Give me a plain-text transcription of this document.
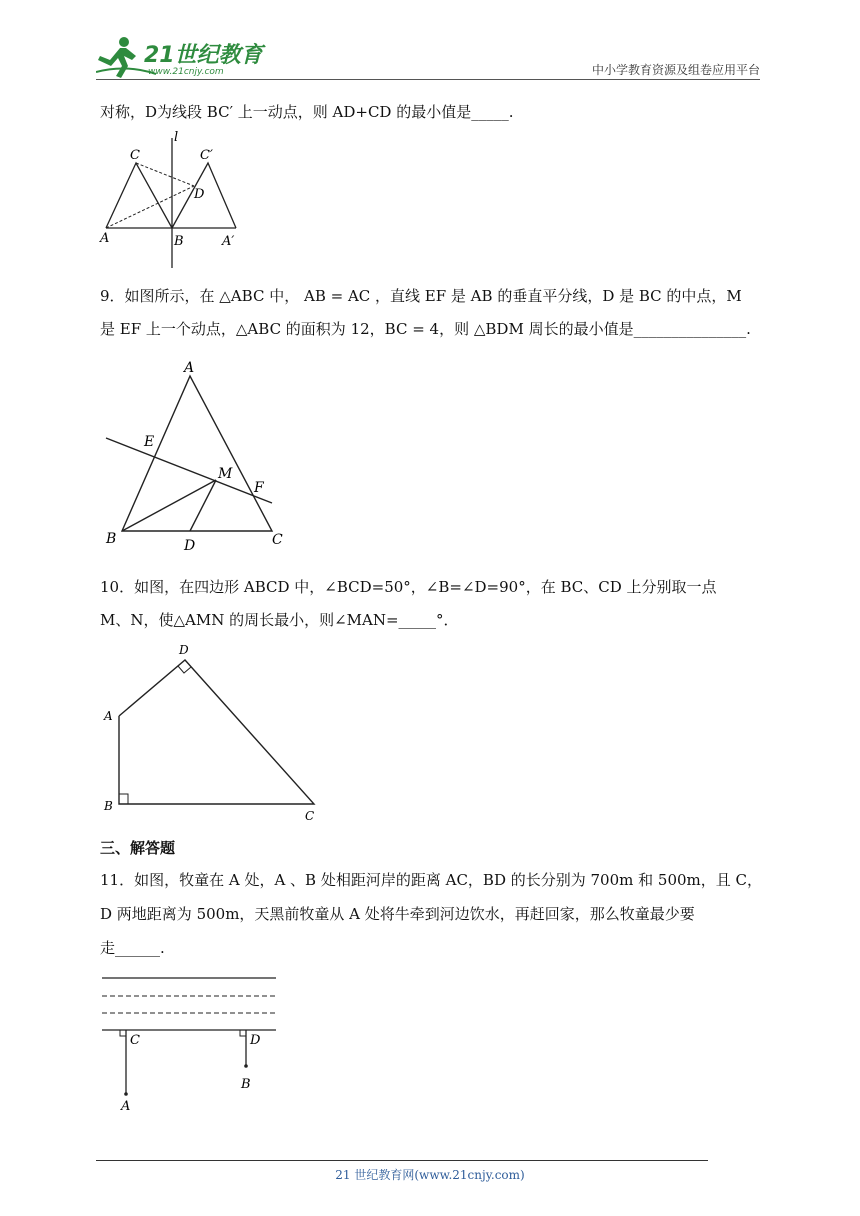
21世纪教育
www.21cnjy.com	中小学教育资源及组卷应用平台
对称，D为线段 BC′ 上一动点，则 AD+CD 的最小值是_____.
C	C′
l
D
A	B	A′
9．如图所示，在 △ABC 中， AB = AC ，直线 EF 是 AB 的垂直平分线，D 是 BC 的中点，M
是 EF 上一个动点，△ABC 的面积为 12，BC = 4，则 △BDM 周长的最小值是_______________.
A
E
M
F
B	D	C
10．如图，在四边形 ABCD 中，∠BCD=50°，∠B=∠D=90°，在 BC、CD 上分别取一点
M、N，使△AMN 的周长最小，则∠MAN=_____°．
D
A
B
C
三、解答题
11．如图，牧童在 A 处，A 、B 处相距河岸的距离 AC，BD 的长分别为 700m 和 500m，且 C，
D 两地距离为 500m，天黑前牧童从 A 处将牛牵到河边饮水，再赶回家，那么牧童最少要
走______.
C	D
B
A
21 世纪教育网(www.21cnjy.com)
